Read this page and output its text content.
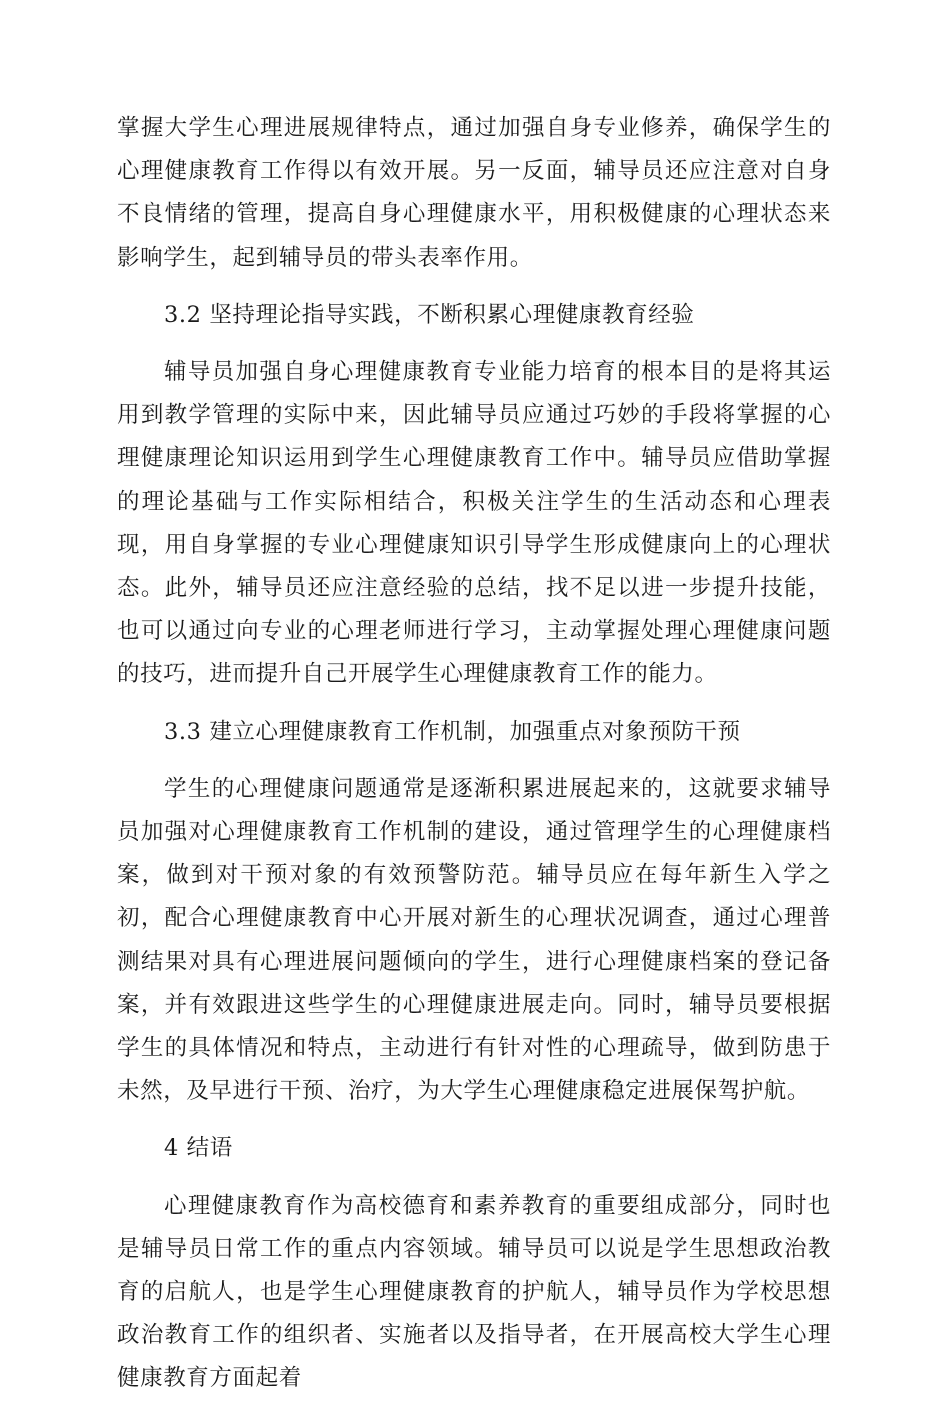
掌握大学生心理进展规律特点，通过加强自身专业修养，确保学生的心理健康教育工作得以有效开展。另一反面，辅导员还应注意对自身不良情绪的管理，提高自身心理健康水平，用积极健康的心理状态来影响学生，起到辅导员的带头表率作用。

3.2 坚持理论指导实践，不断积累心理健康教育经验

辅导员加强自身心理健康教育专业能力培育的根本目的是将其运用到教学管理的实际中来，因此辅导员应通过巧妙的手段将掌握的心理健康理论知识运用到学生心理健康教育工作中。辅导员应借助掌握的理论基础与工作实际相结合，积极关注学生的生活动态和心理表现，用自身掌握的专业心理健康知识引导学生形成健康向上的心理状态。此外，辅导员还应注意经验的总结，找不足以进一步提升技能，也可以通过向专业的心理老师进行学习，主动掌握处理心理健康问题的技巧，进而提升自己开展学生心理健康教育工作的能力。

3.3 建立心理健康教育工作机制，加强重点对象预防干预

学生的心理健康问题通常是逐渐积累进展起来的，这就要求辅导员加强对心理健康教育工作机制的建设，通过管理学生的心理健康档案，做到对干预对象的有效预警防范。辅导员应在每年新生入学之初，配合心理健康教育中心开展对新生的心理状况调查，通过心理普测结果对具有心理进展问题倾向的学生，进行心理健康档案的登记备案，并有效跟进这些学生的心理健康进展走向。同时，辅导员要根据学生的具体情况和特点，主动进行有针对性的心理疏导，做到防患于未然，及早进行干预、治疗，为大学生心理健康稳定进展保驾护航。

4 结语

心理健康教育作为高校德育和素养教育的重要组成部分，同时也是辅导员日常工作的重点内容领域。辅导员可以说是学生思想政治教育的启航人，也是学生心理健康教育的护航人，辅导员作为学校思想政治教育工作的组织者、实施者以及指导者，在开展高校大学生心理健康教育方面起着
